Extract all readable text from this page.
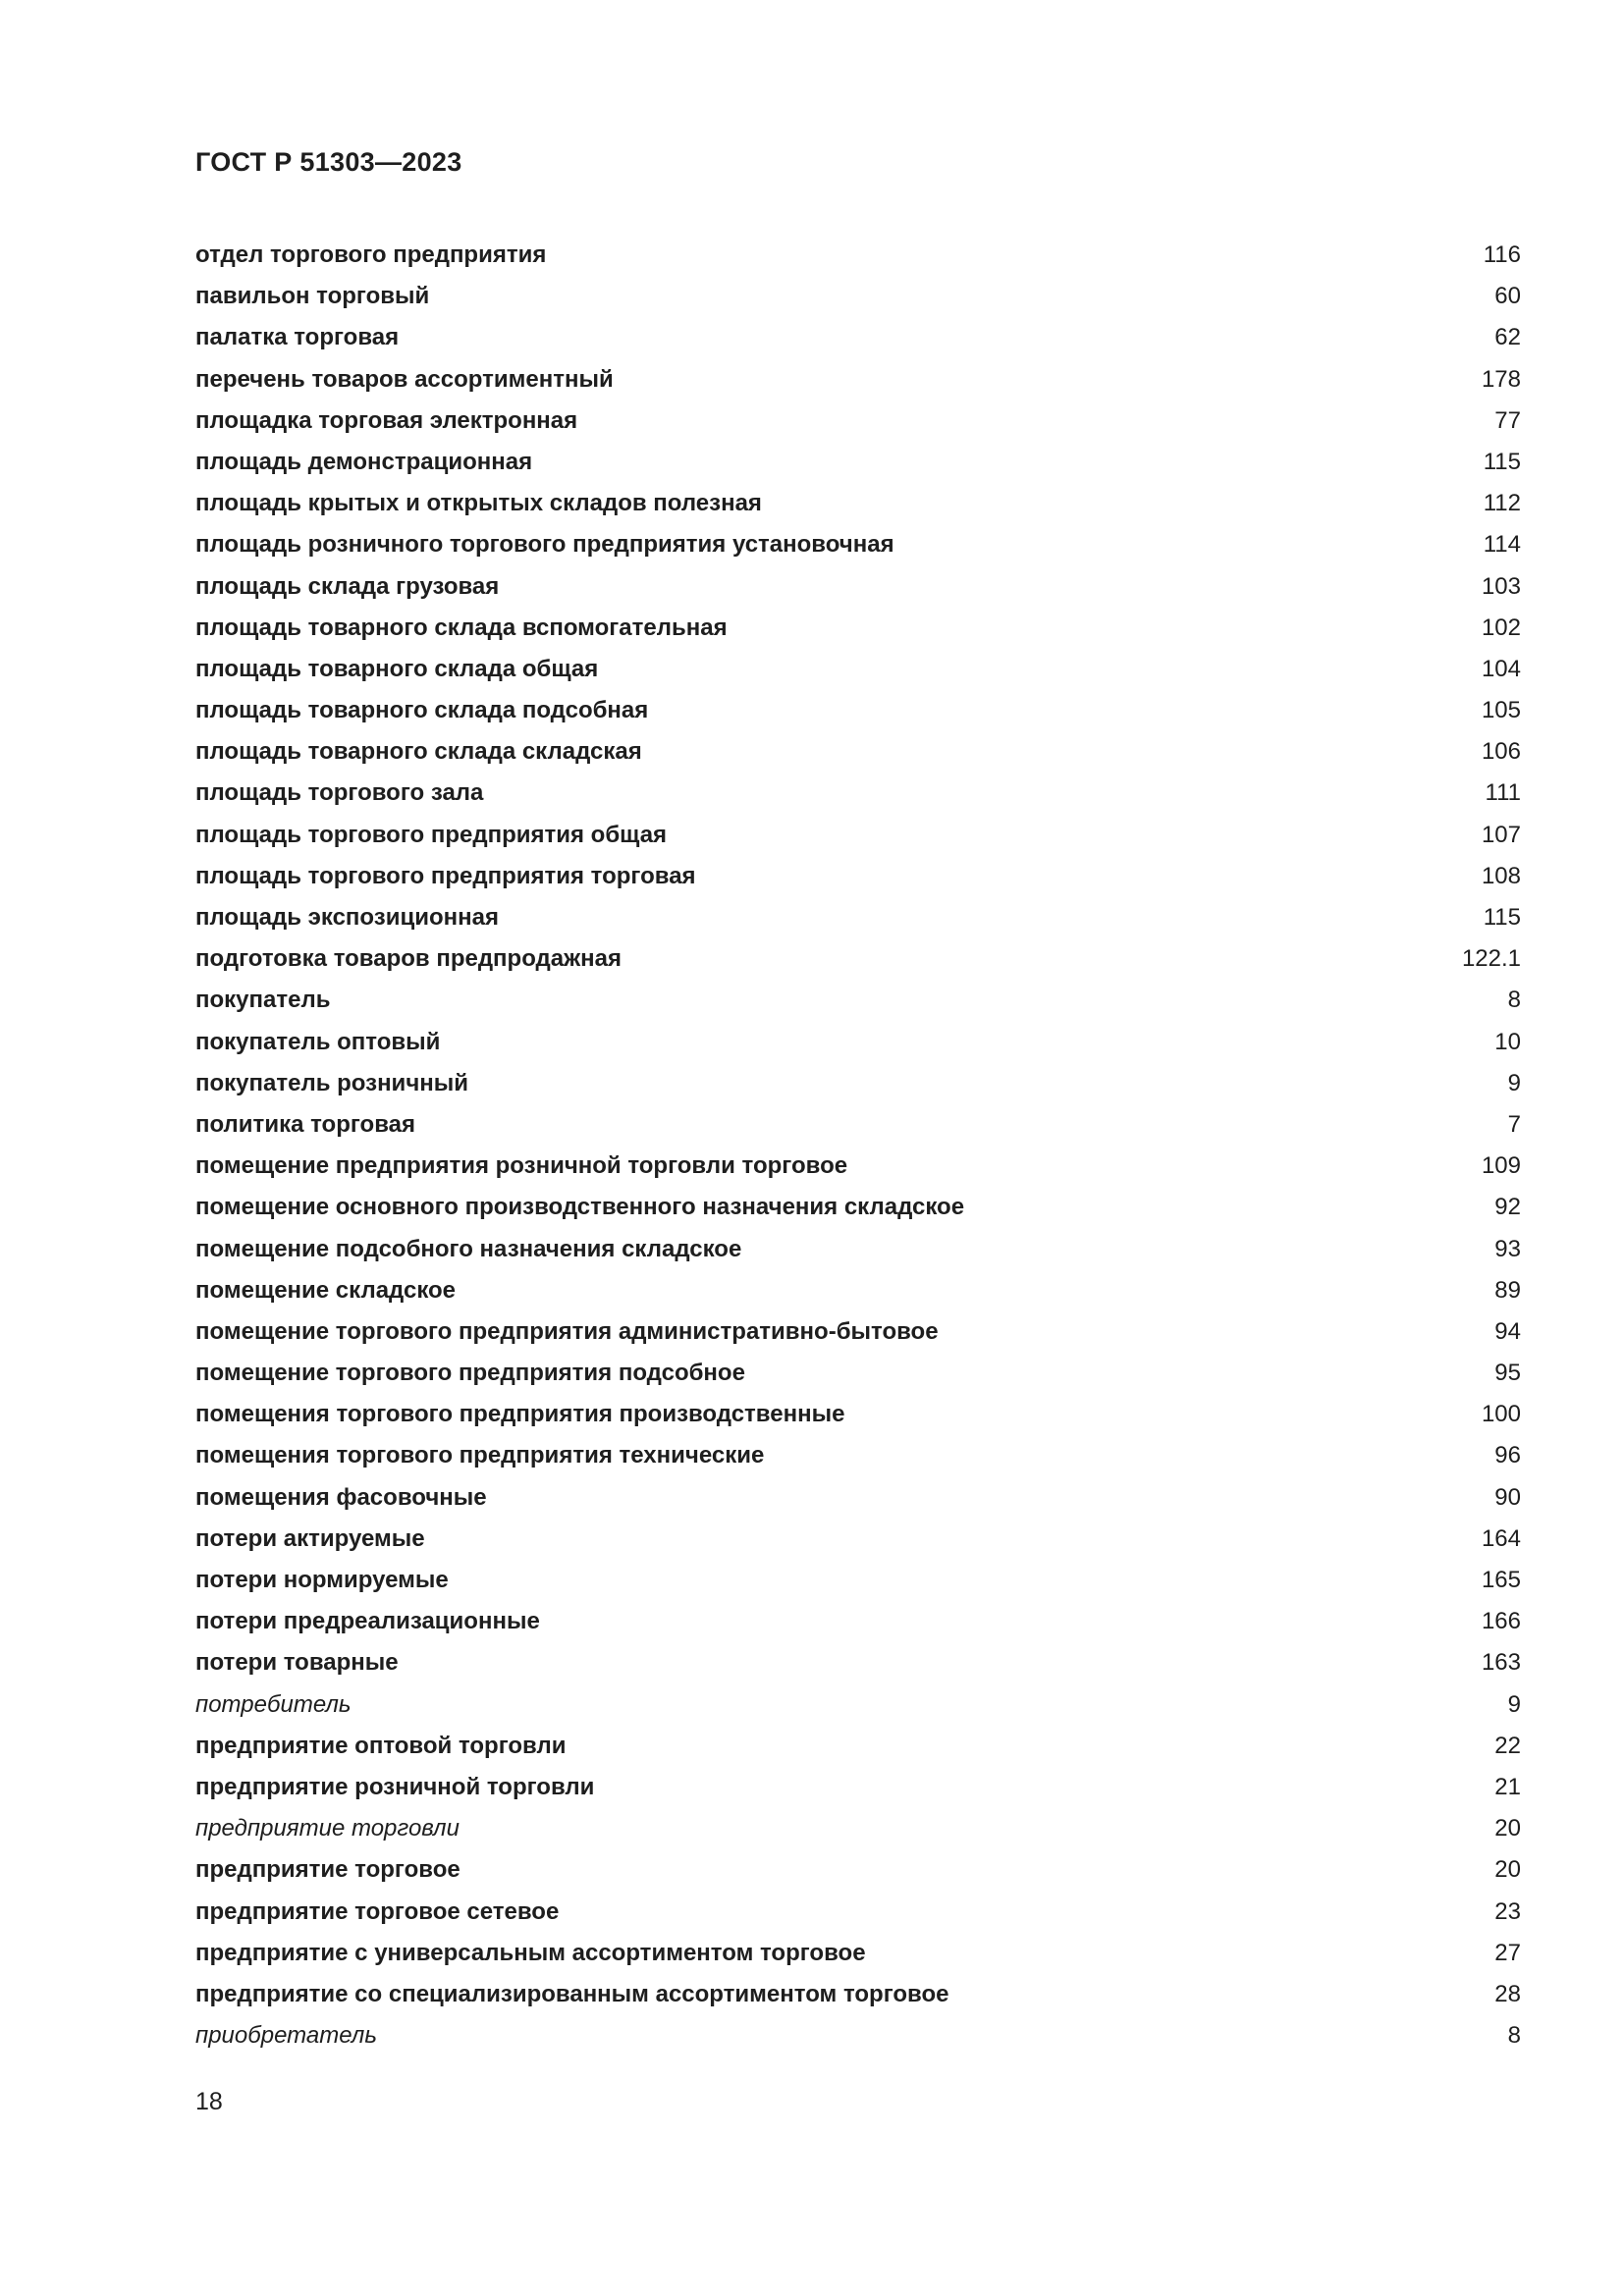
ГОСТ Р 51303—2023
отдел торгового предприятия	116
павильон торговый	60
палатка торговая	62
перечень товаров ассортиментный	178
площадка торговая электронная	77
площадь демонстрационная	115
площадь крытых и открытых складов полезная	112
площадь розничного торгового предприятия установочная	114
площадь склада грузовая	103
площадь товарного склада вспомогательная	102
площадь товарного склада общая	104
площадь товарного склада подсобная	105
площадь товарного склада складская	106
площадь торгового зала	111
площадь торгового предприятия общая	107
площадь торгового предприятия торговая	108
площадь экспозиционная	115
подготовка товаров предпродажная	122.1
покупатель	8
покупатель оптовый	10
покупатель розничный	9
политика торговая	7
помещение предприятия розничной торговли торговое	109
помещение основного производственного назначения складское	92
помещение подсобного назначения складское	93
помещение складское	89
помещение торгового предприятия административно-бытовое	94
помещение торгового предприятия подсобное	95
помещения торгового предприятия производственные	100
помещения торгового предприятия технические	96
помещения фасовочные	90
потери актируемые	164
потери нормируемые	165
потери предреализационные	166
потери товарные	163
потребитель	9
предприятие оптовой торговли	22
предприятие розничной торговли	21
предприятие торговли	20
предприятие торговое	20
предприятие торговое сетевое	23
предприятие с универсальным ассортиментом торговое	27
предприятие со специализированным ассортиментом торговое	28
приобретатель	8
18
